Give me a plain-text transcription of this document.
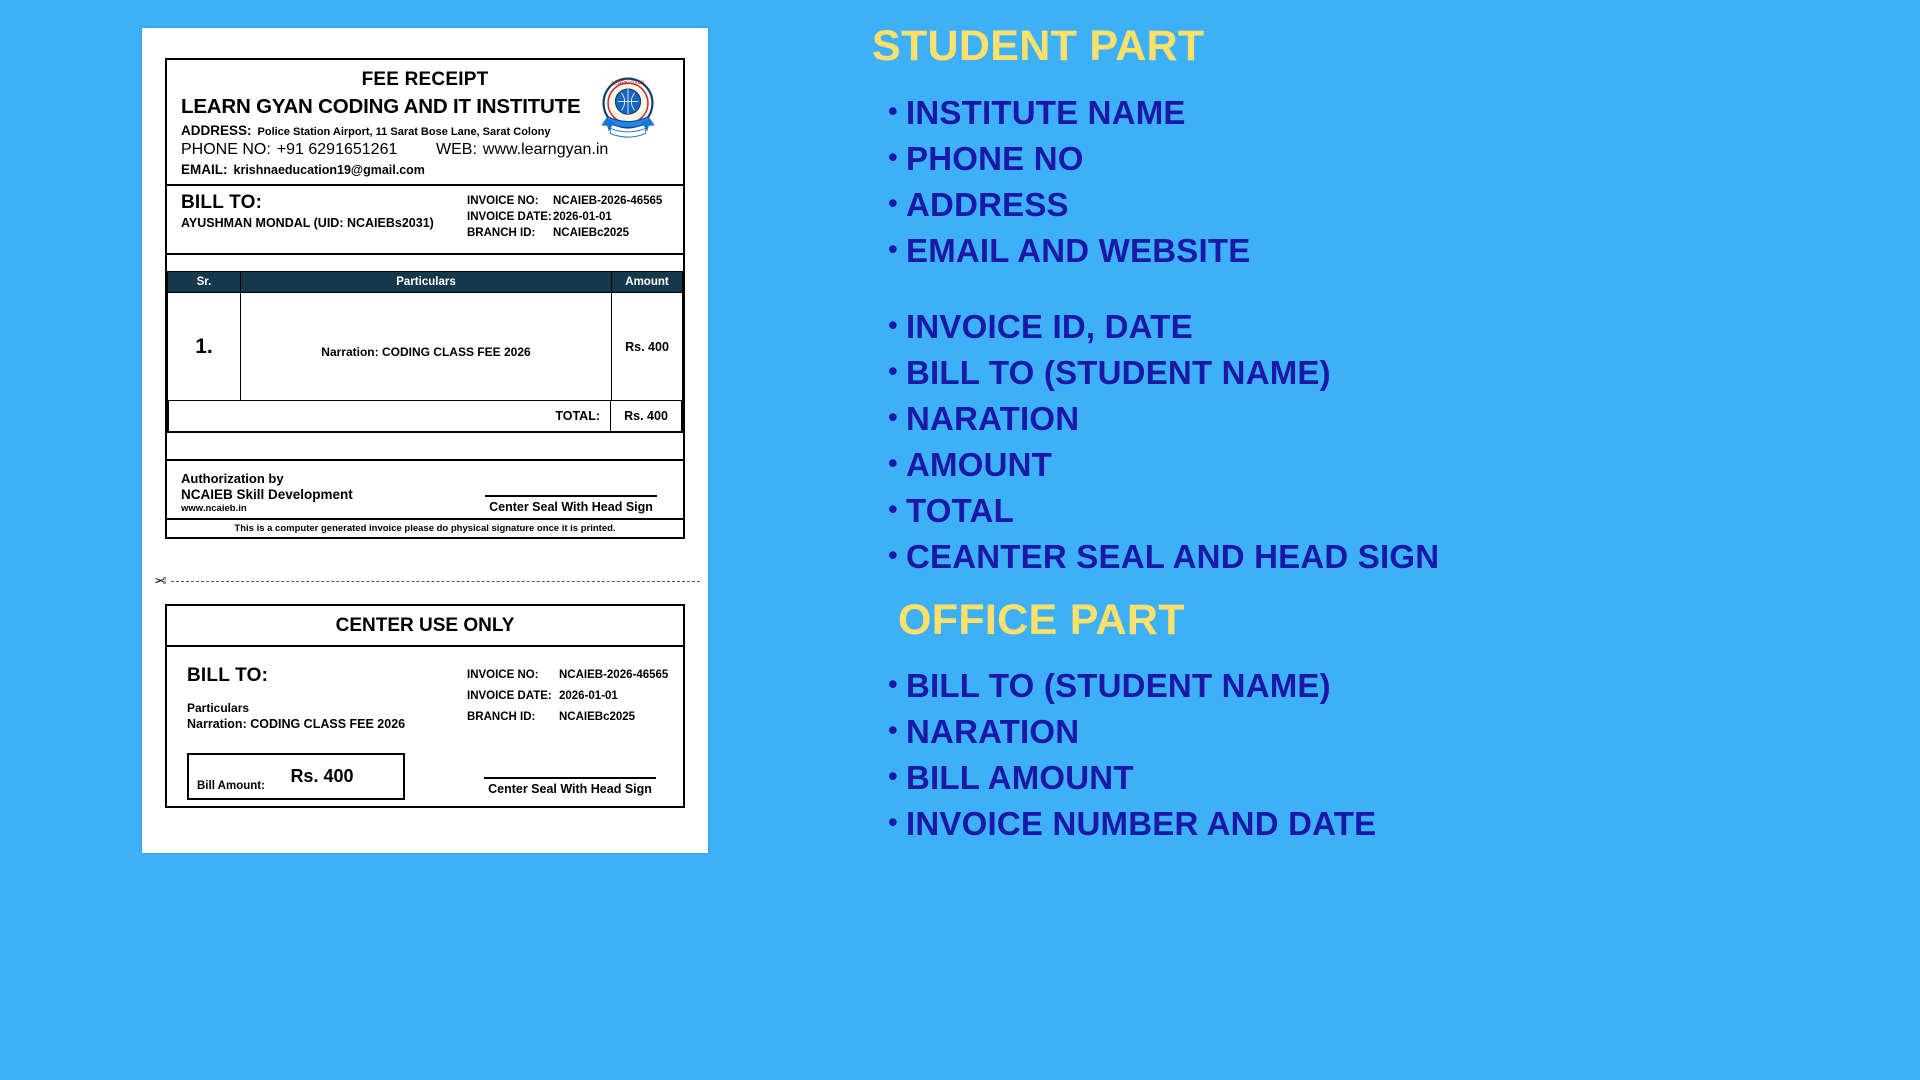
LEARN GYAN
FEE RECEIPT
LEARN GYAN CODING AND IT INSTITUTE
ADDRESS: Police Station Airport, 11 Sarat Bose Lane, Sarat Colony
PHONE NO: +91 6291651261 WEB: www.learngyan.in
EMAIL: krishnaeducation19@gmail.com
BILL TO:
AYUSHMAN MONDAL (UID: NCAIEBs2031)
INVOICE NO:	NCAIEB-2026-46565
INVOICE DATE: 2026-01-01
BRANCH ID:	NCAIEBc2025
Sr.	Particulars	Amount
1.	Narration: CODING CLASS FEE 2026	Rs. 400
TOTAL:	Rs. 400
Authorization by
NCAIEB Skill Development
www.ncaieb.in	Center Seal With Head Sign
This is a computer generated invoice please do physical signature once it is printed.
✂
CENTER USE ONLY
BILL TO:
Particulars
Narration: CODING CLASS FEE 2026
Bill Amount:	Rs. 400
INVOICE NO:	NCAIEB-2026-46565
INVOICE DATE: 2026-01-01
BRANCH ID:	NCAIEBc2025
Center Seal With Head Sign
STUDENT PART
• INSTITUTE NAME
• PHONE NO
• ADDRESS
• EMAIL AND WEBSITE
• INVOICE ID, DATE
• BILL TO (STUDENT NAME)
• NARATION
• AMOUNT
• TOTAL
• CEANTER SEAL AND HEAD SIGN
OFFICE PART
• BILL TO (STUDENT NAME)
• NARATION
• BILL AMOUNT
• INVOICE NUMBER AND DATE
